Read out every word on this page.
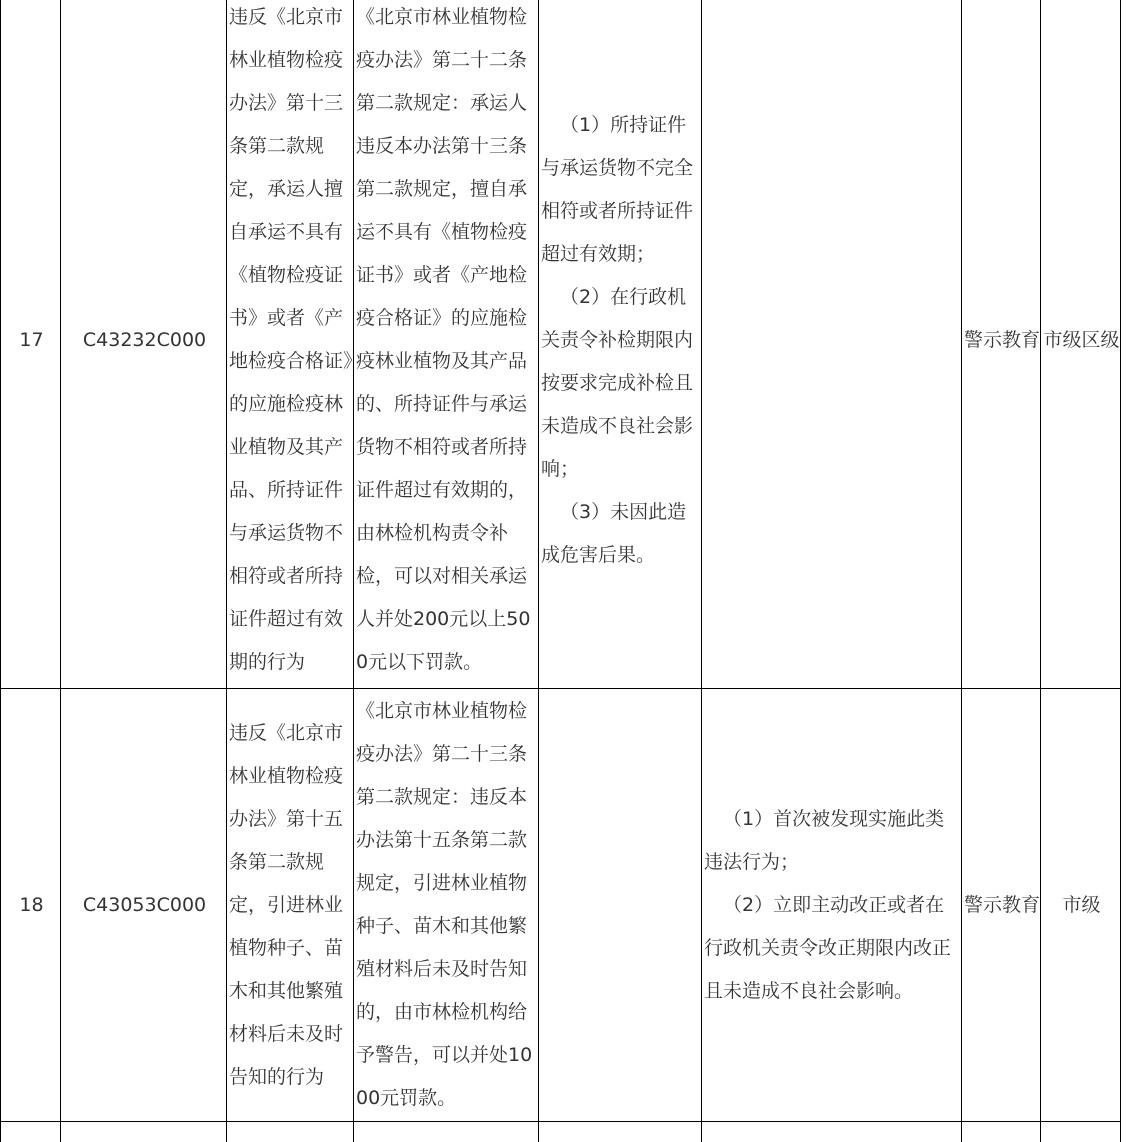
17	C43232C000	违反《北京市林业植物检疫办法》第十三条第二款规定，承运人擅自承运不具有《植物检疫证书》或者《产地检疫合格证》的应施检疫林业植物及其产品、所持证件与承运货物不相符或者所持证件超过有效期的行为	《北京市林业植物检疫办法》第二十二条第二款规定：承运人违反本办法第十三条第二款规定，擅自承运不具有《植物检疫证书》或者《产地检疫合格证》的应施检疫林业植物及其产品的、所持证件与承运货物不相符或者所持证件超过有效期的，由林检机构责令补检，可以对相关承运人并处200元以上500元以下罚款。	（1）所持证件与承运货物不完全相符或者所持证件超过有效期；
（2）在行政机关责令补检期限内按要求完成补检且未造成不良社会影响；
（3）未因此造成危害后果。		警示教育	市级区级
18	C43053C000	违反《北京市林业植物检疫办法》第十五条第二款规定，引进林业植物种子、苗木和其他繁殖材料后未及时告知的行为	《北京市林业植物检疫办法》第二十三条第二款规定：违反本办法第十五条第二款规定，引进林业植物种子、苗木和其他繁殖材料后未及时告知的，由市林检机构给予警告，可以并处1000元罚款。		（1）首次被发现实施此类违法行为；
（2）立即主动改正或者在行政机关责令改正期限内改正且未造成不良社会影响。	警示教育	市级
